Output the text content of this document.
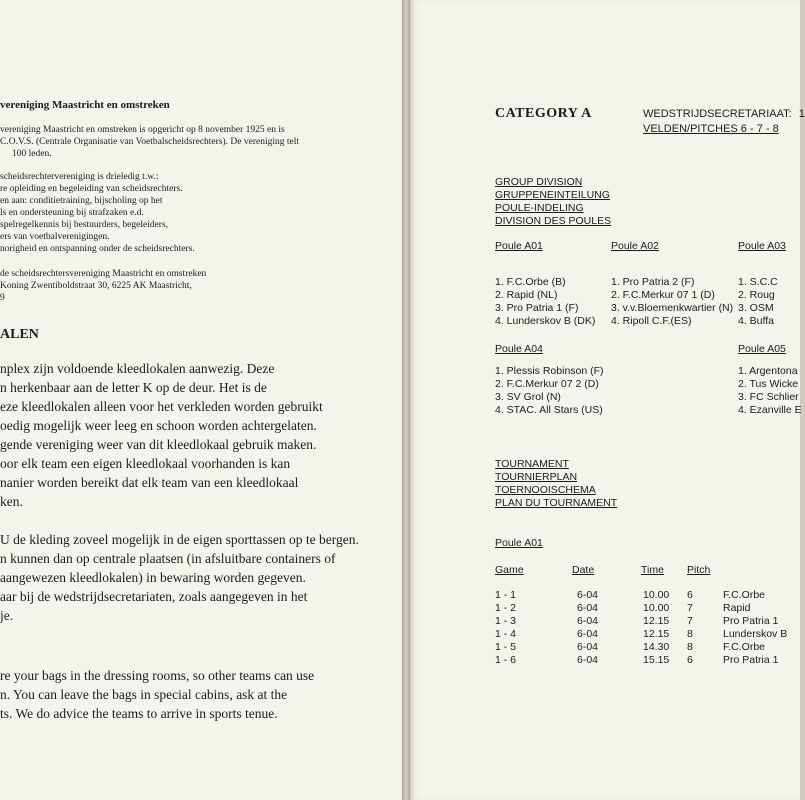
vereniging Maastricht en omstreken
vereniging Maastricht en omstreken is opgericht op 8 november 1925 en is
C.O.V.S. (Centrale Organisatie van Voetbalscheidsrechters). De vereniging telt
100 leden.
scheidsrechtervereniging is drieledig t.w.:
re opleiding en begeleiding van scheidsrechters.
en aan: conditietraining, bijscholing op het
ls en ondersteuning bij strafzaken e.d.
spelregelkennis bij bestuurders, begeleiders,
ers van voetbalverenigingen.
norigheid en ontspanning onder de scheidsrechters.
de scheidsrechtersvereniging Maastricht en omstreken
Koning Zwentiboldstraat 30, 6225 AK Maastricht,
9
ALEN
nplex zijn voldoende kleedlokalen aanwezig. Deze
n herkenbaar aan de letter K op de deur. Het is de
eze kleedlokalen alleen voor het verkleden worden gebruikt
oedig mogelijk weer leeg en schoon worden achtergelaten.
gende vereniging weer van dit kleedlokaal gebruik maken.
oor elk team een eigen kleedlokaal voorhanden is kan
nanier worden bereikt dat elk team van een kleedlokaal
ken.
U de kleding zoveel mogelijk in de eigen sporttassen op te bergen.
n kunnen dan op centrale plaatsen (in afsluitbare containers of
aangewezen kleedlokalen) in bewaring worden gegeven.
aar bij de wedstrijdsecretariaten, zoals aangegeven in het
je.
re your bags in the dressing rooms, so other teams can use
n. You can leave the bags in special cabins, ask at the
ts. We do advice the teams to arrive in sports tenue.
CATEGORY A	WEDSTRIJDSECRETARIAAT: 1
VELDEN/PITCHES 6 - 7 - 8
GROUP DIVISION
GRUPPENEINTEILUNG
POULE-INDELING
DIVISION DES POULES
Poule A01
1. F.C.Orbe (B)
2. Rapid (NL)
3. Pro Patria 1 (F)
4. Lunderskov B (DK)
Poule A02
1. Pro Patria 2 (F)
2. F.C.Merkur 07 1 (D)
3. v.v.Bloemenkwartier (N)
4. Ripoll C.F.(ES)
Poule A03
1. S.C.C
2. Roug
3. OSM
4. Buffa
Poule A04
1. Plessis Robinson (F)
2. F.C.Merkur 07 2 (D)
3. SV Grol (N)
4. STAC. All Stars (US)
Poule A05
1. Argentona
2. Tus Wicke
3. FC Schlier
4. Ezanville E
TOURNAMENT
TOURNIERPLAN
TOERNOOISCHEMA
PLAN DU TOURNAMENT
Poule A01
Game	Date	Time Pitch
1 - 1	6-04	10.00 6	F.C.Orbe
1 - 2	6-04	10.00 7	Rapid
1 - 3	6-04	12.15 7	Pro Patria 1
1 - 4	6-04	12.15 8	Lunderskov B
1 - 5	6-04	14.30 8	F.C.Orbe
1 - 6	6-04	15.15 6	Pro Patria 1
